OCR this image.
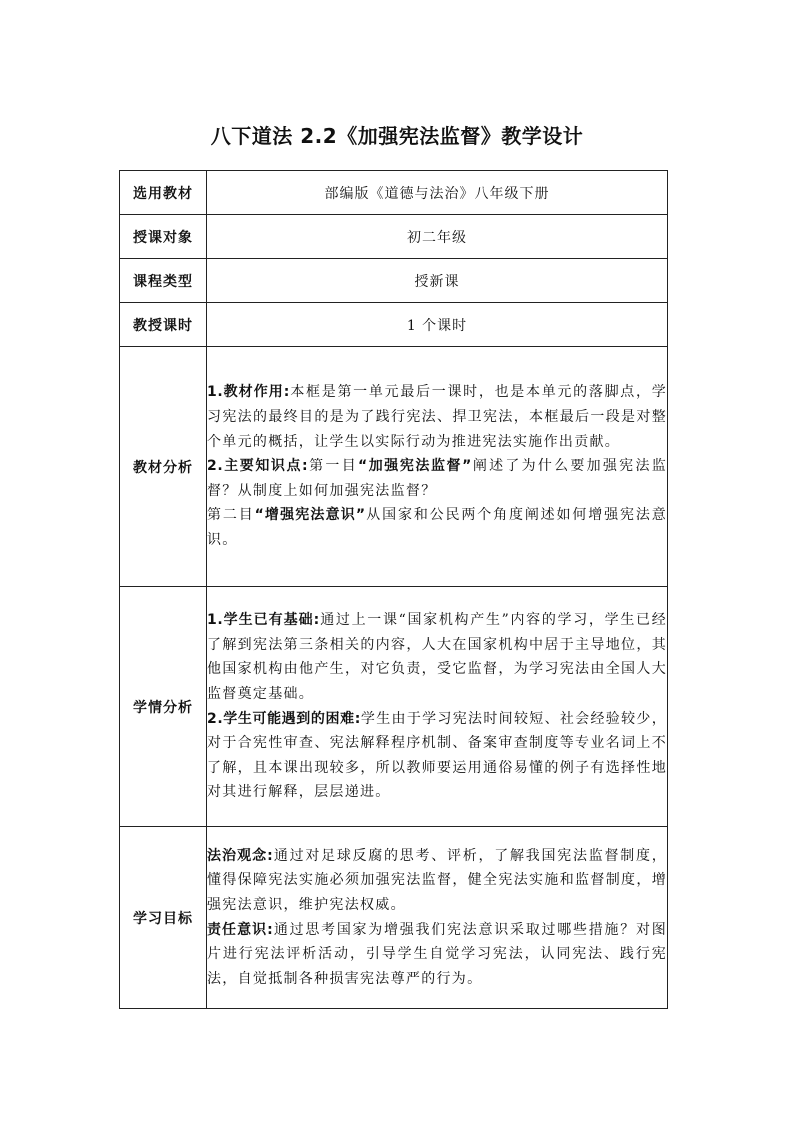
八下道法 2.2《加强宪法监督》教学设计
选用教材	部编版《道德与法治》八年级下册
授课对象	初二年级
课程类型	授新课
教授课时	1 个课时
教材分析	1.教材作用:本框是第一单元最后一课时，也是本单元的落脚点，学习宪法的最终目的是为了践行宪法、捍卫宪法，本框最后一段是对整个单元的概括，让学生以实际行动为推进宪法实施作出贡献。

2.主要知识点:第一目“加强宪法监督”阐述了为什么要加强宪法监督？从制度上如何加强宪法监督？

第二目“增强宪法意识”从国家和公民两个角度阐述如何增强宪法意识。

学情分析	1.学生已有基础:通过上一课“国家机构产生”内容的学习，学生已经了解到宪法第三条相关的内容，人大在国家机构中居于主导地位，其他国家机构由他产生，对它负责，受它监督，为学习宪法由全国人大监督奠定基础。

2.学生可能遇到的困难:学生由于学习宪法时间较短、社会经验较少，对于合宪性审查、宪法解释程序机制、备案审查制度等专业名词上不了解，且本课出现较多，所以教师要运用通俗易懂的例子有选择性地对其进行解释，层层递进。

学习目标	法治观念:通过对足球反腐的思考、评析，了解我国宪法监督制度，懂得保障宪法实施必须加强宪法监督，健全宪法实施和监督制度，增强宪法意识，维护宪法权威。

责任意识:通过思考国家为增强我们宪法意识采取过哪些措施？对图片进行宪法评析活动，引导学生自觉学习宪法，认同宪法、践行宪法，自觉抵制各种损害宪法尊严的行为。
